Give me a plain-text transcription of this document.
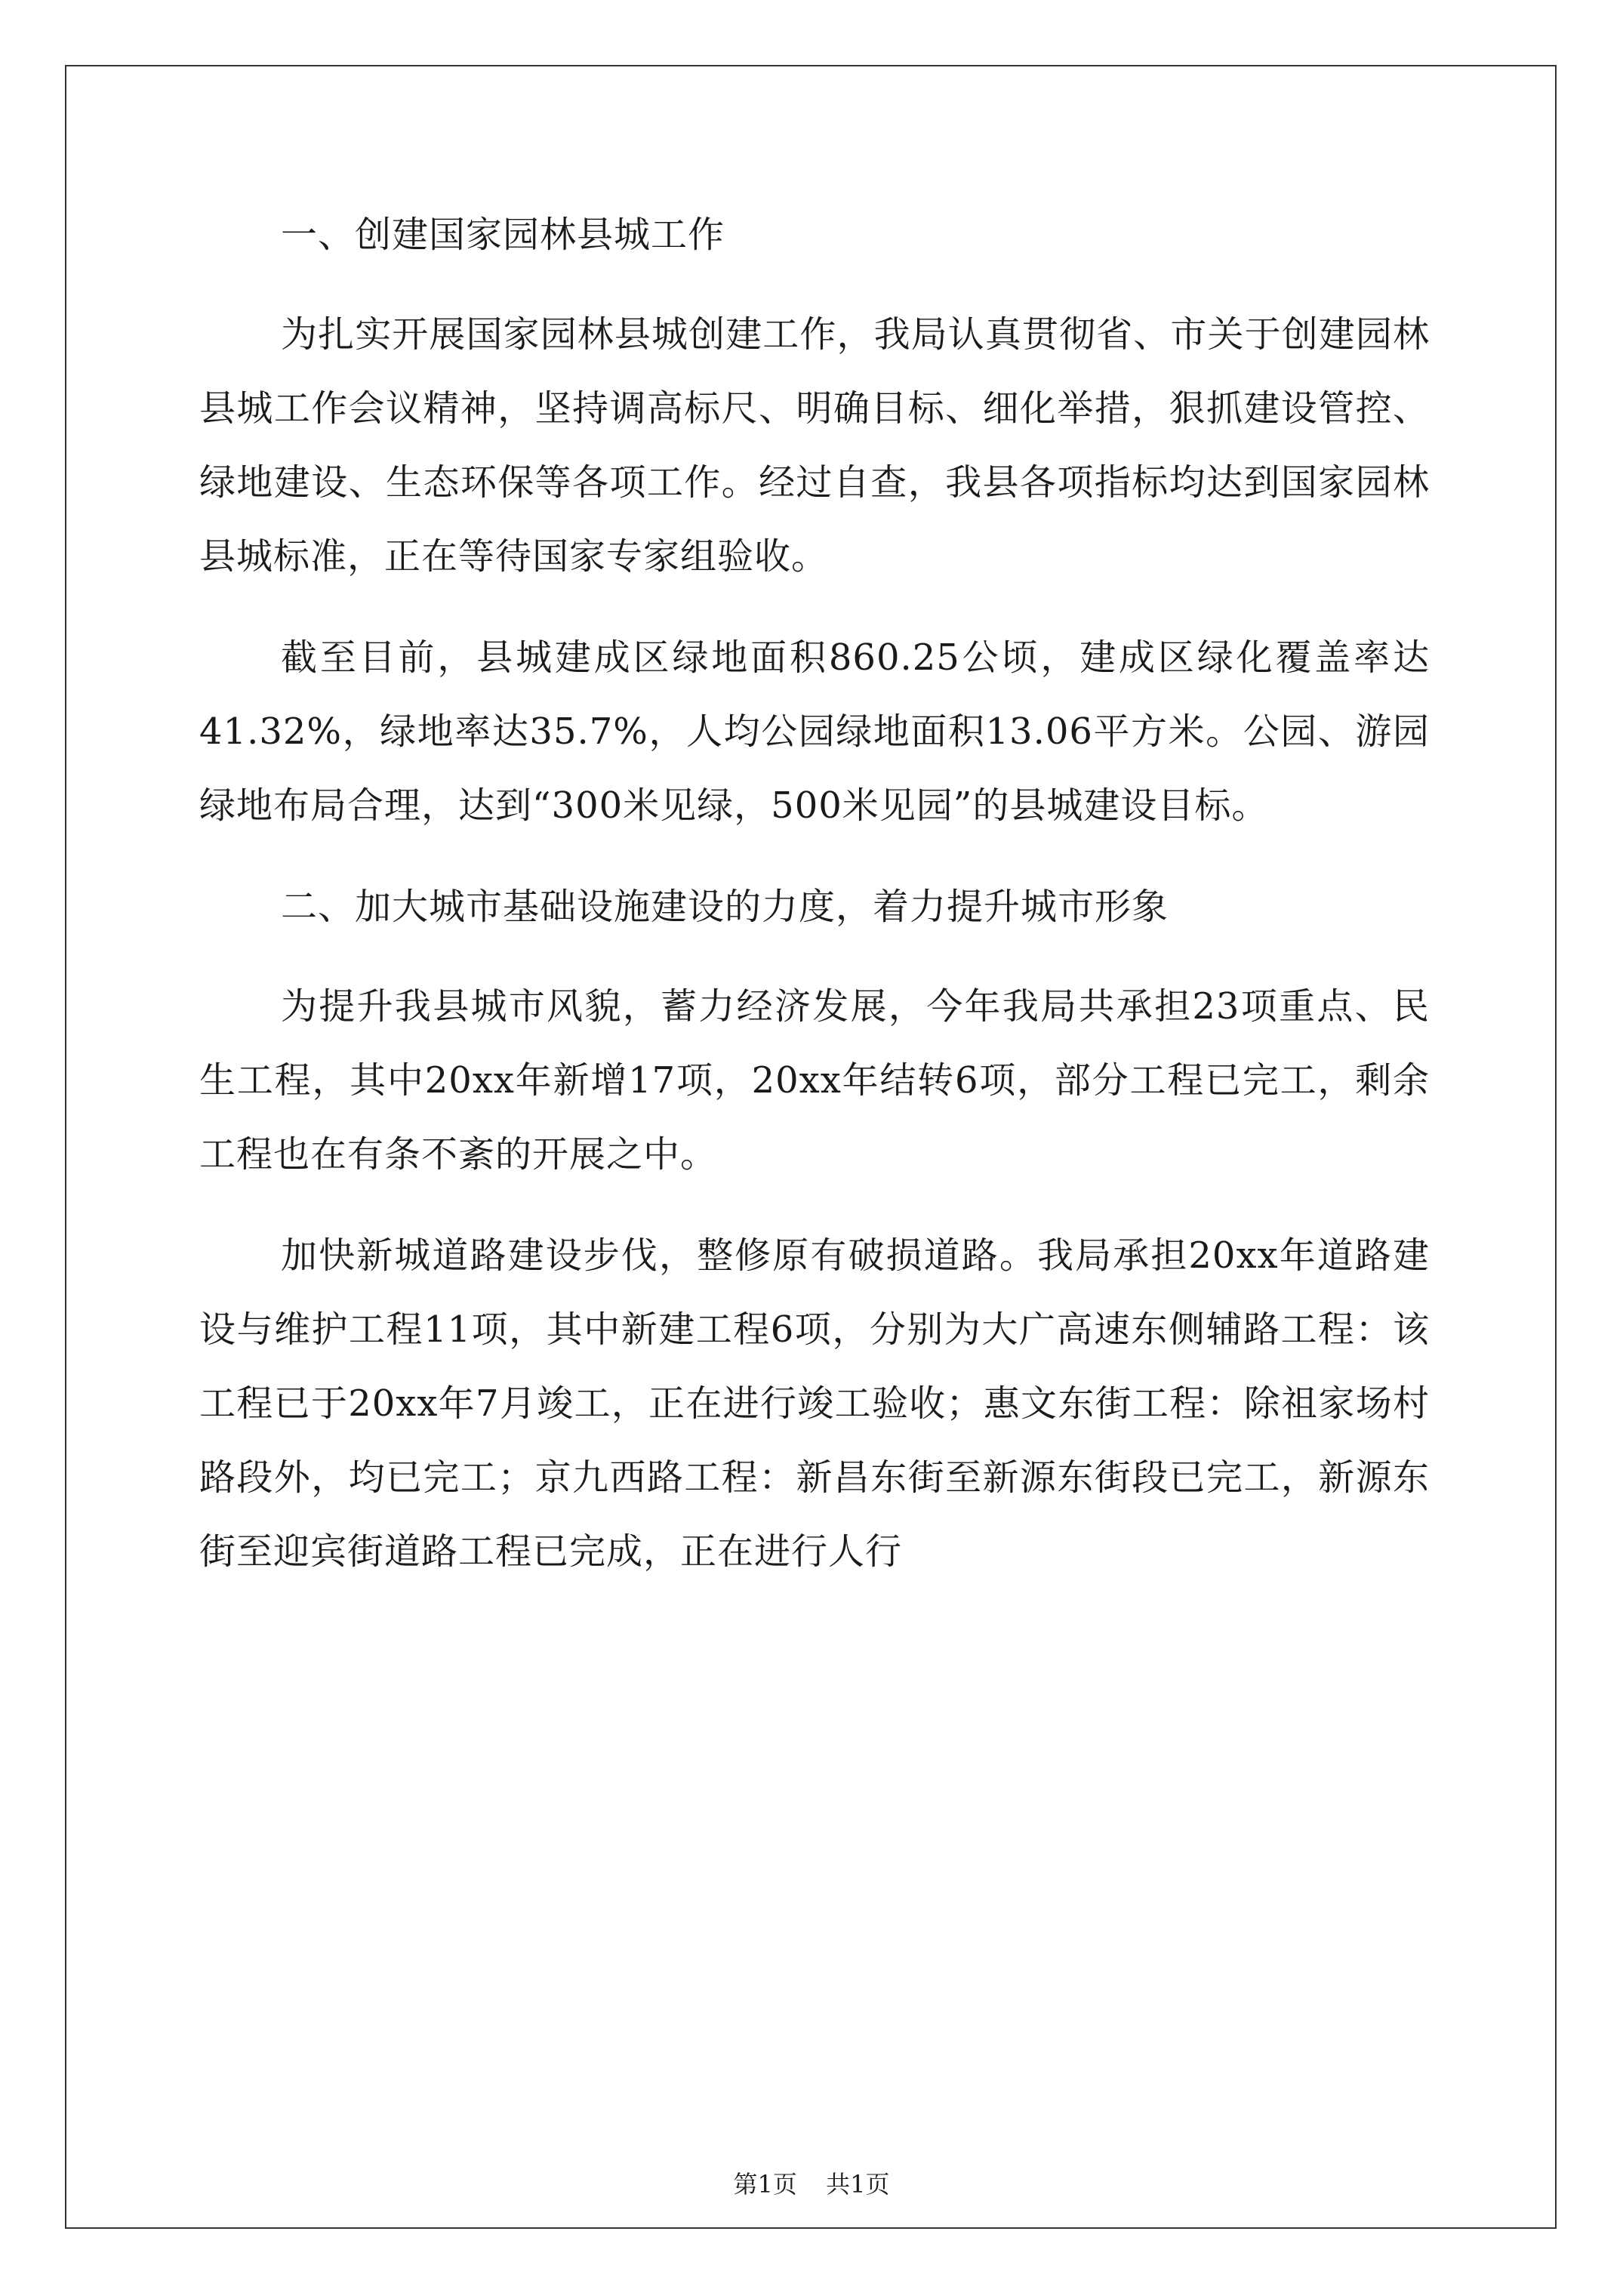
一、创建国家园林县城工作

为扎实开展国家园林县城创建工作，我局认真贯彻省、市关于创建园林县城工作会议精神，坚持调高标尺、明确目标、细化举措，狠抓建设管控、绿地建设、生态环保等各项工作。经过自查，我县各项指标均达到国家园林县城标准，正在等待国家专家组验收。

截至目前，县城建成区绿地面积860.25公顷，建成区绿化覆盖率达41.32%，绿地率达35.7%，人均公园绿地面积13.06平方米。公园、游园绿地布局合理，达到“300米见绿，500米见园”的县城建设目标。

二、加大城市基础设施建设的力度，着力提升城市形象

为提升我县城市风貌，蓄力经济发展，今年我局共承担23项重点、民生工程，其中20xx年新增17项，20xx年结转6项，部分工程已完工，剩余工程也在有条不紊的开展之中。

加快新城道路建设步伐，整修原有破损道路。我局承担20xx年道路建设与维护工程11项，其中新建工程6项，分别为大广高速东侧辅路工程：该工程已于20xx年7月竣工，正在进行竣工验收；惠文东街工程：除祖家场村路段外，均已完工；京九西路工程：新昌东街至新源东街段已完工，新源东街至迎宾街道路工程已完成，正在进行人行

第1页 共1页
